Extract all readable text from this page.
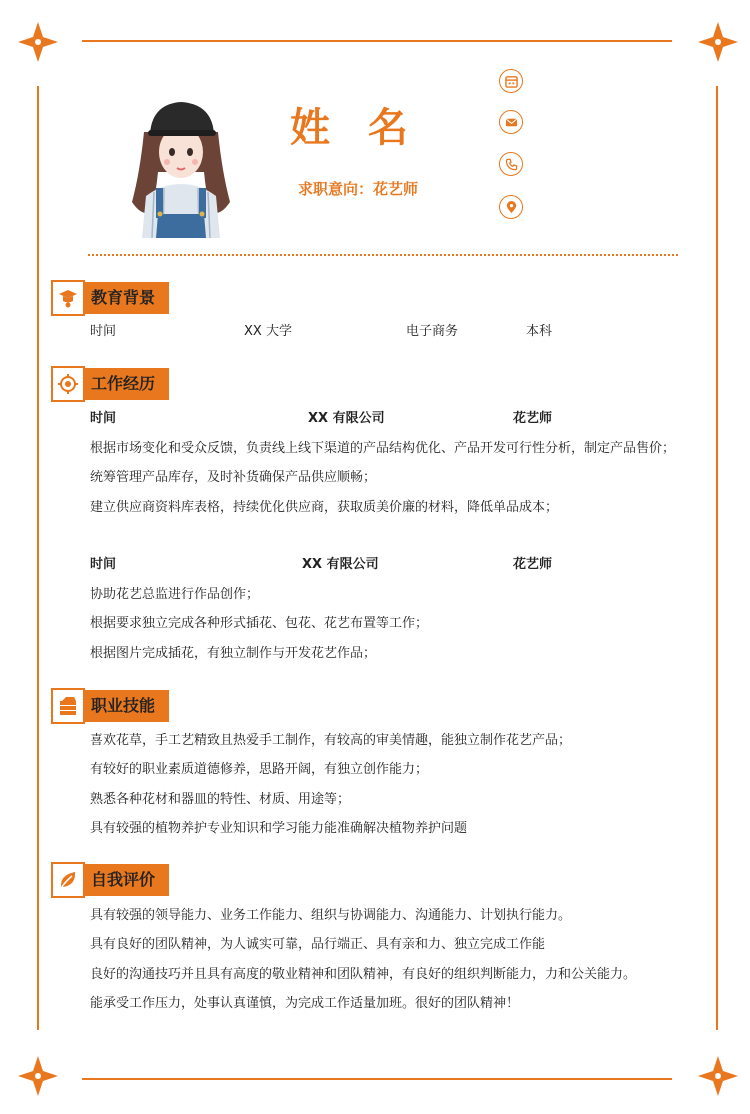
姓 名
求职意向：花艺师
教育背景
时间	XX 大学	电子商务	本科
工作经历
时间	XX 有限公司	花艺师
根据市场变化和受众反馈，负责线上线下渠道的产品结构优化、产品开发可行性分析，制定产品售价；
统筹管理产品库存，及时补货确保产品供应顺畅；
建立供应商资料库表格，持续优化供应商，获取质美价廉的材料，降低单品成本；
时间	XX 有限公司	花艺师
协助花艺总监进行作品创作；
根据要求独立完成各种形式插花、包花、花艺布置等工作；
根据图片完成插花，有独立制作与开发花艺作品；
职业技能
喜欢花草，手工艺精致且热爱手工制作，有较高的审美情趣，能独立制作花艺产品；
有较好的职业素质道德修养，思路开阔，有独立创作能力；
熟悉各种花材和器皿的特性、材质、用途等；
具有较强的植物养护专业知识和学习能力能准确解决植物养护问题
自我评价
具有较强的领导能力、业务工作能力、组织与协调能力、沟通能力、计划执行能力。
具有良好的团队精神，为人诚实可靠，品行端正、具有亲和力、独立完成工作能
良好的沟通技巧并且具有高度的敬业精神和团队精神，有良好的组织判断能力，力和公关能力。
能承受工作压力，处事认真谨慎，为完成工作适量加班。很好的团队精神！
